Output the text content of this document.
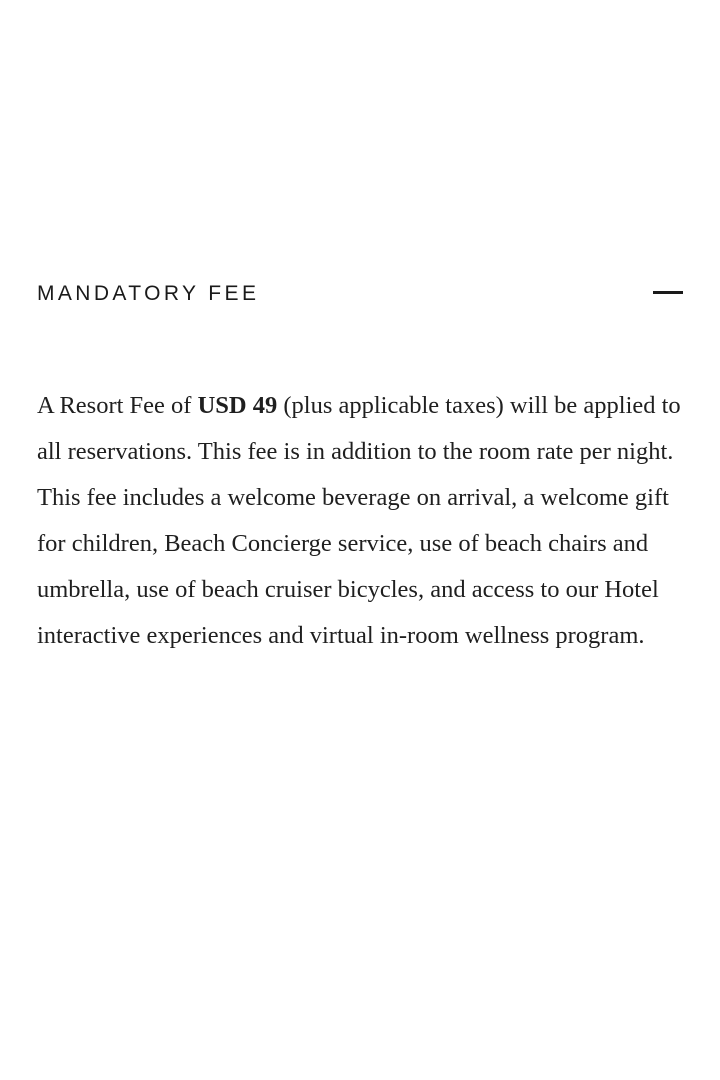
MANDATORY FEE

A Resort Fee of USD 49 (plus applicable taxes) will be applied to all reservations. This fee is in addition to the room rate per night. This fee includes a welcome beverage on arrival, a welcome gift for children, Beach Concierge service, use of beach chairs and umbrella, use of beach cruiser bicycles, and access to our Hotel interactive experiences and virtual in-room wellness program.
